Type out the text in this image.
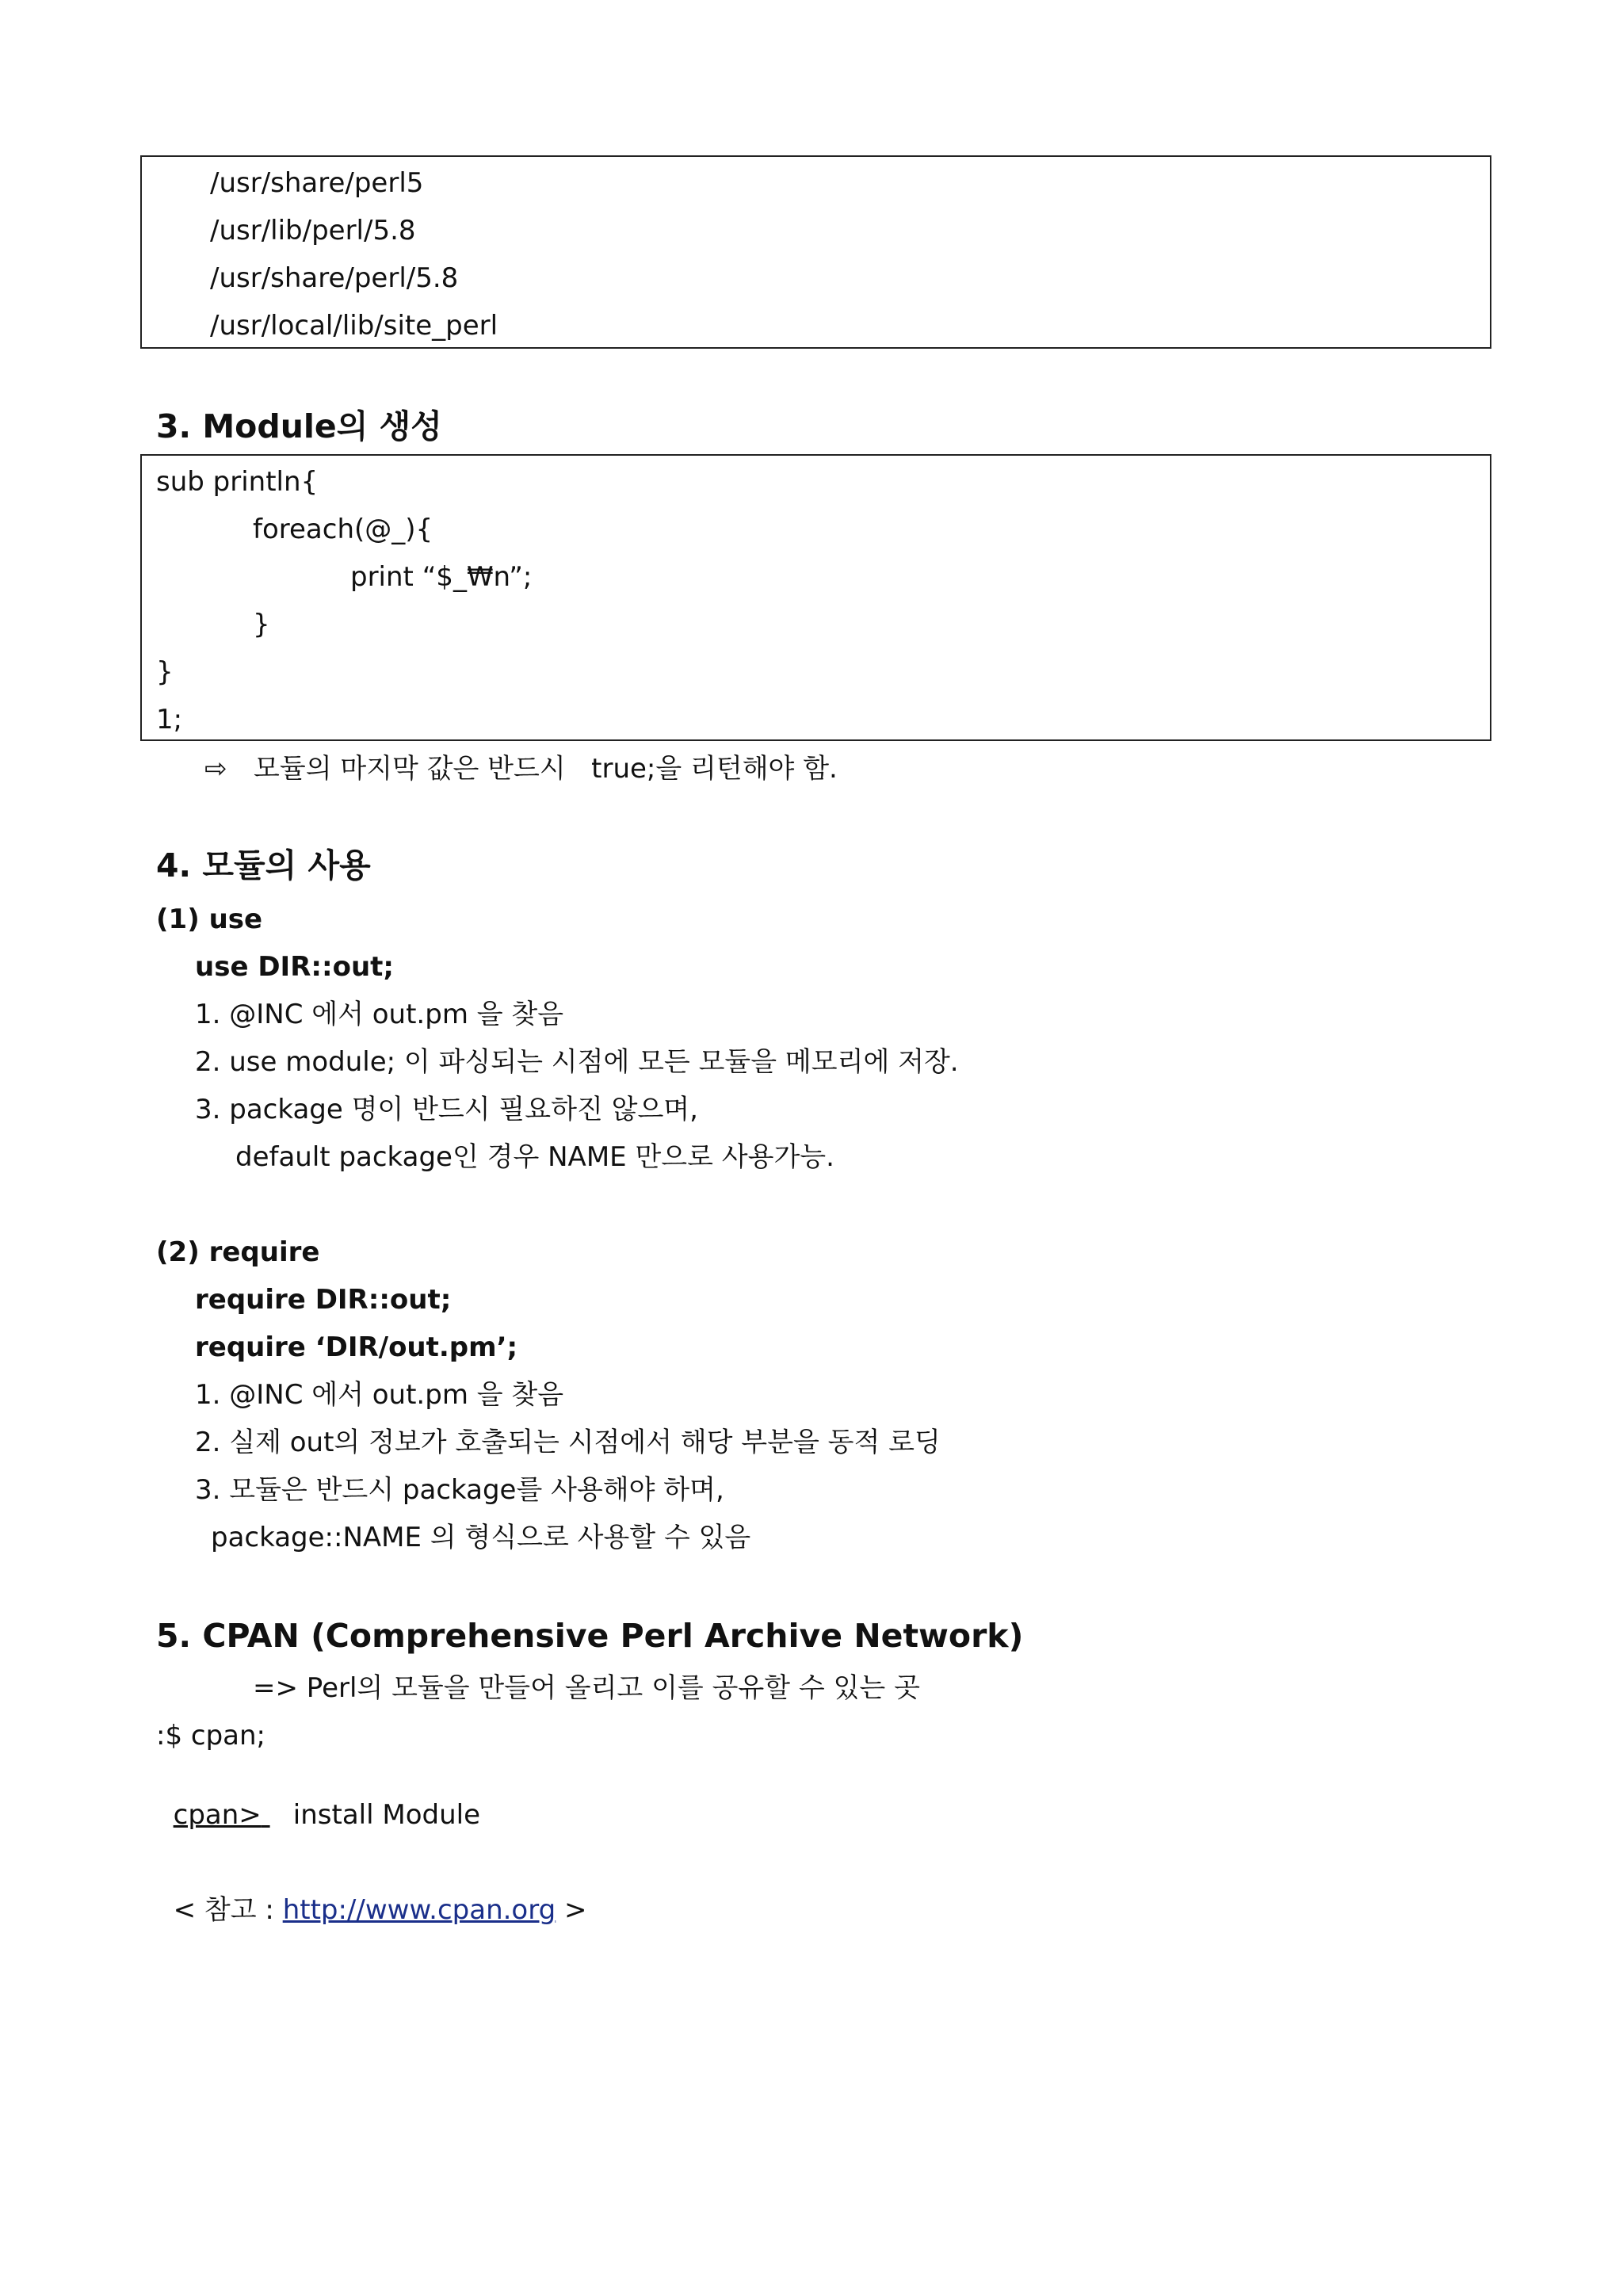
/usr/share/perl5
/usr/lib/perl/5.8
/usr/share/perl/5.8
/usr/local/lib/site_perl
3. Module의 생성
sub println{
foreach(@_){
print “$_₩n”;
}
}
1;
⇨ 모듈의 마지막 값은 반드시   true;을 리턴해야 함.
4. 모듈의 사용
(1) use
use DIR::out;
1. @INC 에서 out.pm 을 찾음
2. use module; 이 파싱되는 시점에 모든 모듈을 메모리에 저장.
3. package 명이 반드시 필요하진 않으며,
default package인 경우 NAME 만으로 사용가능.
(2) require
require DIR::out;
require ‘DIR/out.pm’;
1. @INC 에서 out.pm 을 찾음
2. 실제 out의 정보가 호출되는 시점에서 해당 부분을 동적 로딩
3. 모듈은 반드시 package를 사용해야 하며,
package::NAME 의 형식으로 사용할 수 있음
5. CPAN (Comprehensive Perl Archive Network)
=> Perl의 모듈을 만들어 올리고 이를 공유할 수 있는 곳
:$ cpan;

cpan> install Module

< 참고 : http://www.cpan.org >
